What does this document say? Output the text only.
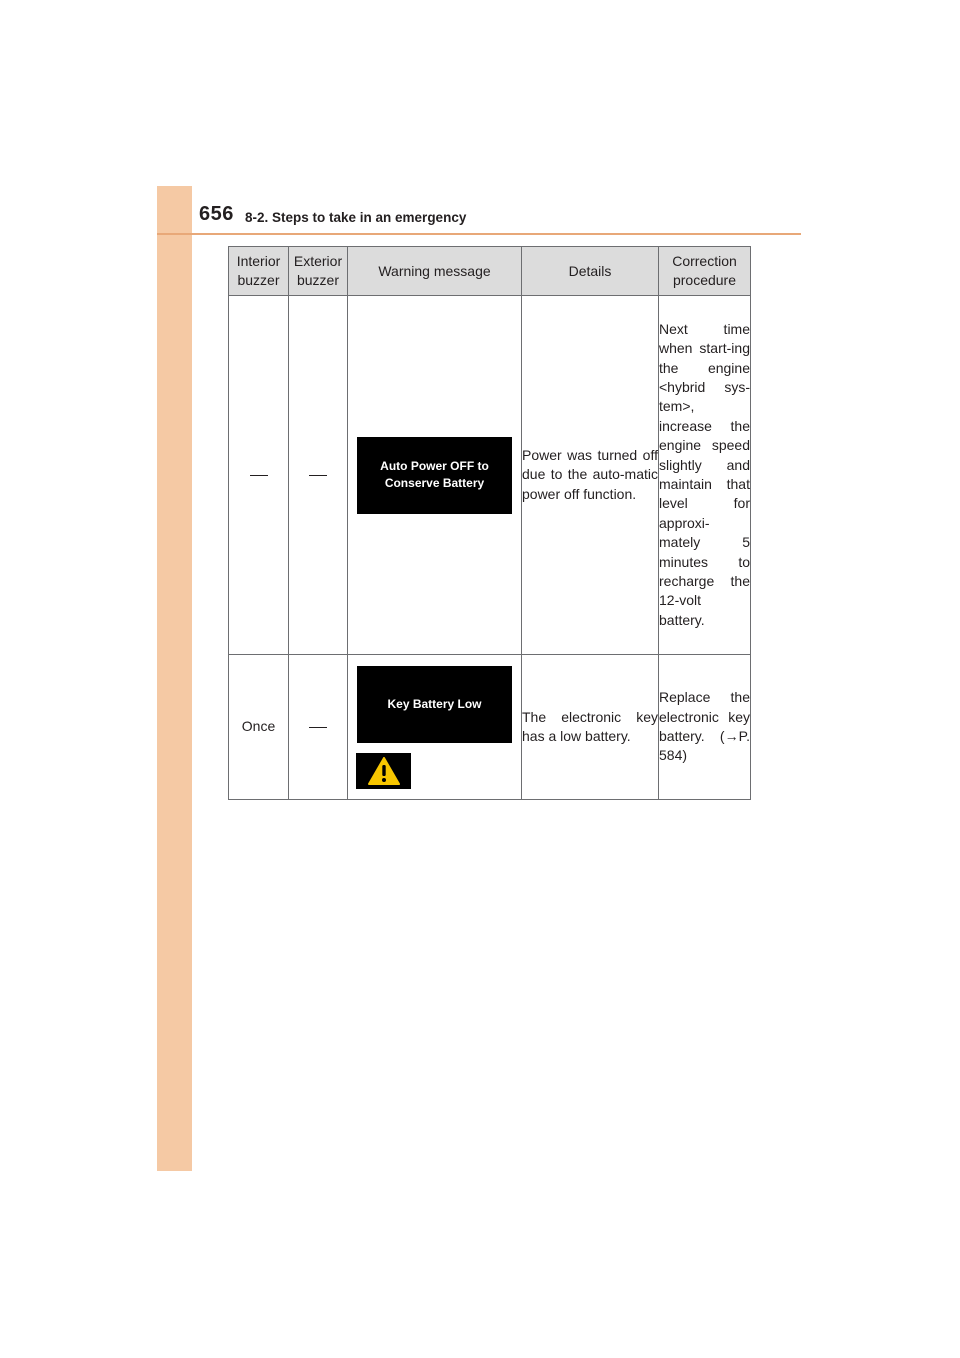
656 8-2. Steps to take in an emergency
Interior buzzer	Exterior buzzer	Warning message	Details	Correction procedure

		Auto Power OFF to Conserve Battery	Power was turned off due to the auto-matic power off function.	Next time when start-ing the engine <hybrid sys-tem>, increase the engine speed slightly and maintain that level for approxi-mately 5 minutes to recharge the 12-volt battery.
Once		Key Battery Low	The electronic key has a low battery.	Replace the electronic key battery. (→P. 584)
